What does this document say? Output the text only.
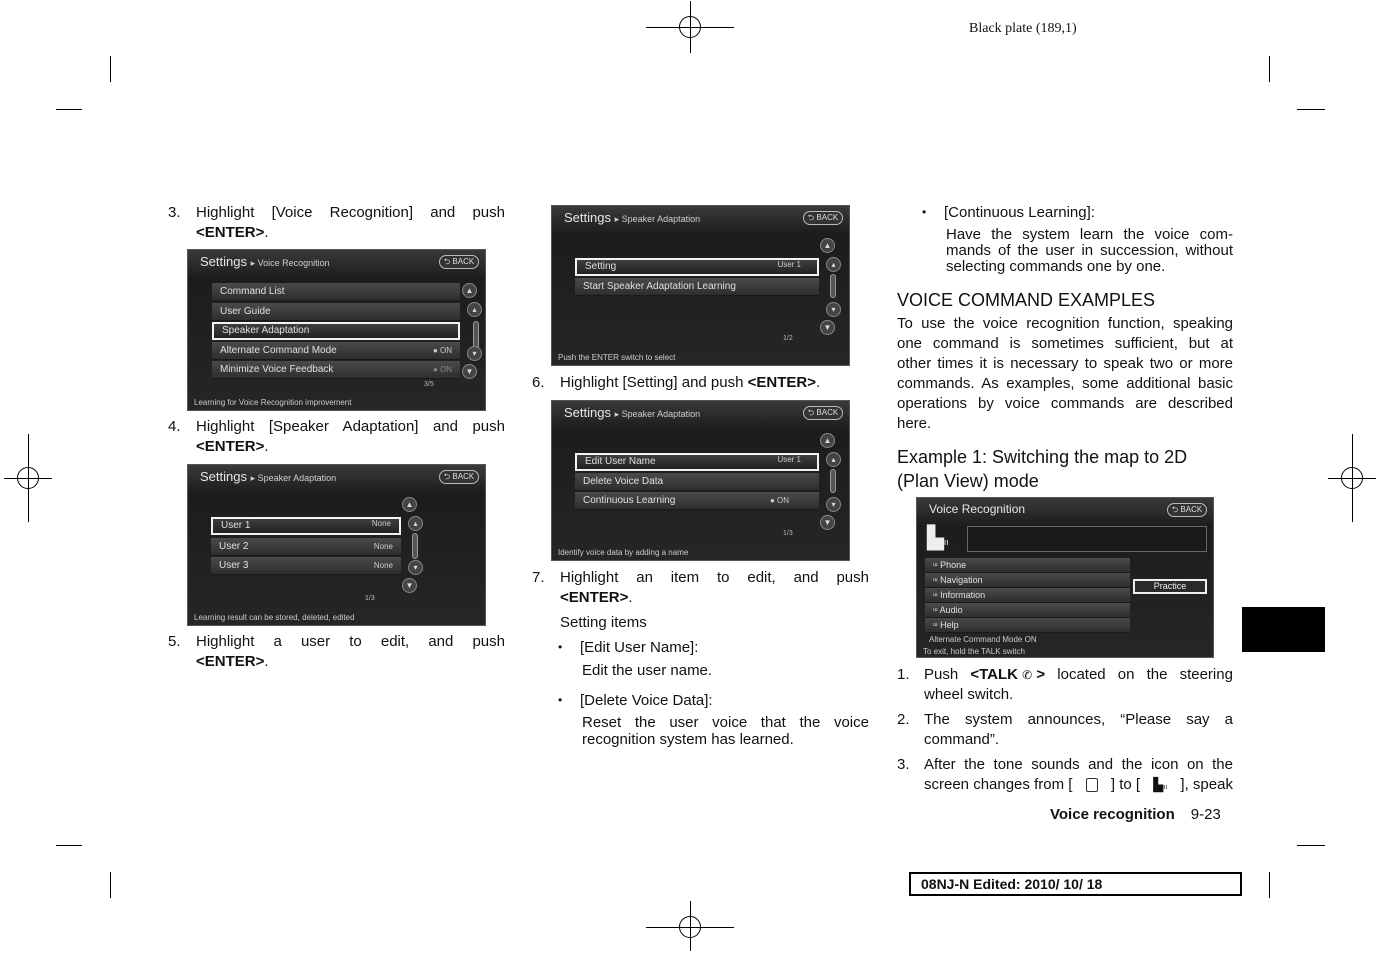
Black plate (189,1)
3. Highlight [Voice Recognition] and push
<ENTER>.
Settings ▸ Voice Recognition	⮌ BACK
Command List
User Guide
Speaker Adaptation
Alternate Command Mode	● ON
Minimize Voice Feedback	● ON
3/5
▲
▴
▾
▼
Learning for Voice Recognition improvement
4. Highlight [Speaker Adaptation] and push
<ENTER>.
Settings ▸ Speaker Adaptation	⮌ BACK
User 1	None
User 2	None
User 3	None
1/3
▲
▴
▾
▼
Learning result can be stored, deleted, edited
5. Highlight a user to edit, and push
<ENTER>.
Settings ▸ Speaker Adaptation	⮌ BACK
Setting	User 1
Start Speaker Adaptation Learning
1/2
▲
▴
▾
▼
Push the ENTER switch to select
6. Highlight [Setting] and push <ENTER>.
Settings ▸ Speaker Adaptation	⮌ BACK
Edit User Name	User 1
Delete Voice Data
Continuous Learning	● ON
1/3
▲
▴
▾
▼
Identify voice data by adding a name
7. Highlight an item to edit, and push
<ENTER>.
Setting items
• [Edit User Name]:
Edit the user name.
• [Delete Voice Data]:
Reset the user voice that the voice
recognition system has learned.
• [Continuous Learning]:
Have the system learn the voice com-
mands of the user in succession, without
selecting commands one by one.
VOICE COMMAND EXAMPLES
To use the voice recognition function, speaking
one command is sometimes sufficient, but at
other times it is necessary to speak two or more
commands. As examples, some additional basic
operations by voice commands are described
here.
Example 1: Switching the map to 2D
(Plan View) mode
Voice Recognition	⮌ BACK
▙ıı
ᵚ Phone
ᵚ Navigation
ᵚ Information
ᵚ Audio
ᵚ Help
Practice
Alternate Command Mode ON
To exit, hold the TALK switch
1. Push <TALK ✆ > located on the steering
wheel switch.
2. The system announces, “Please say a
command”.
3. After the tone sounds and the icon on the
screen changes from [	] to [ ▙ıı ], speak
Voice recognition 9-23
08NJ-N Edited: 2010/ 10/ 18
